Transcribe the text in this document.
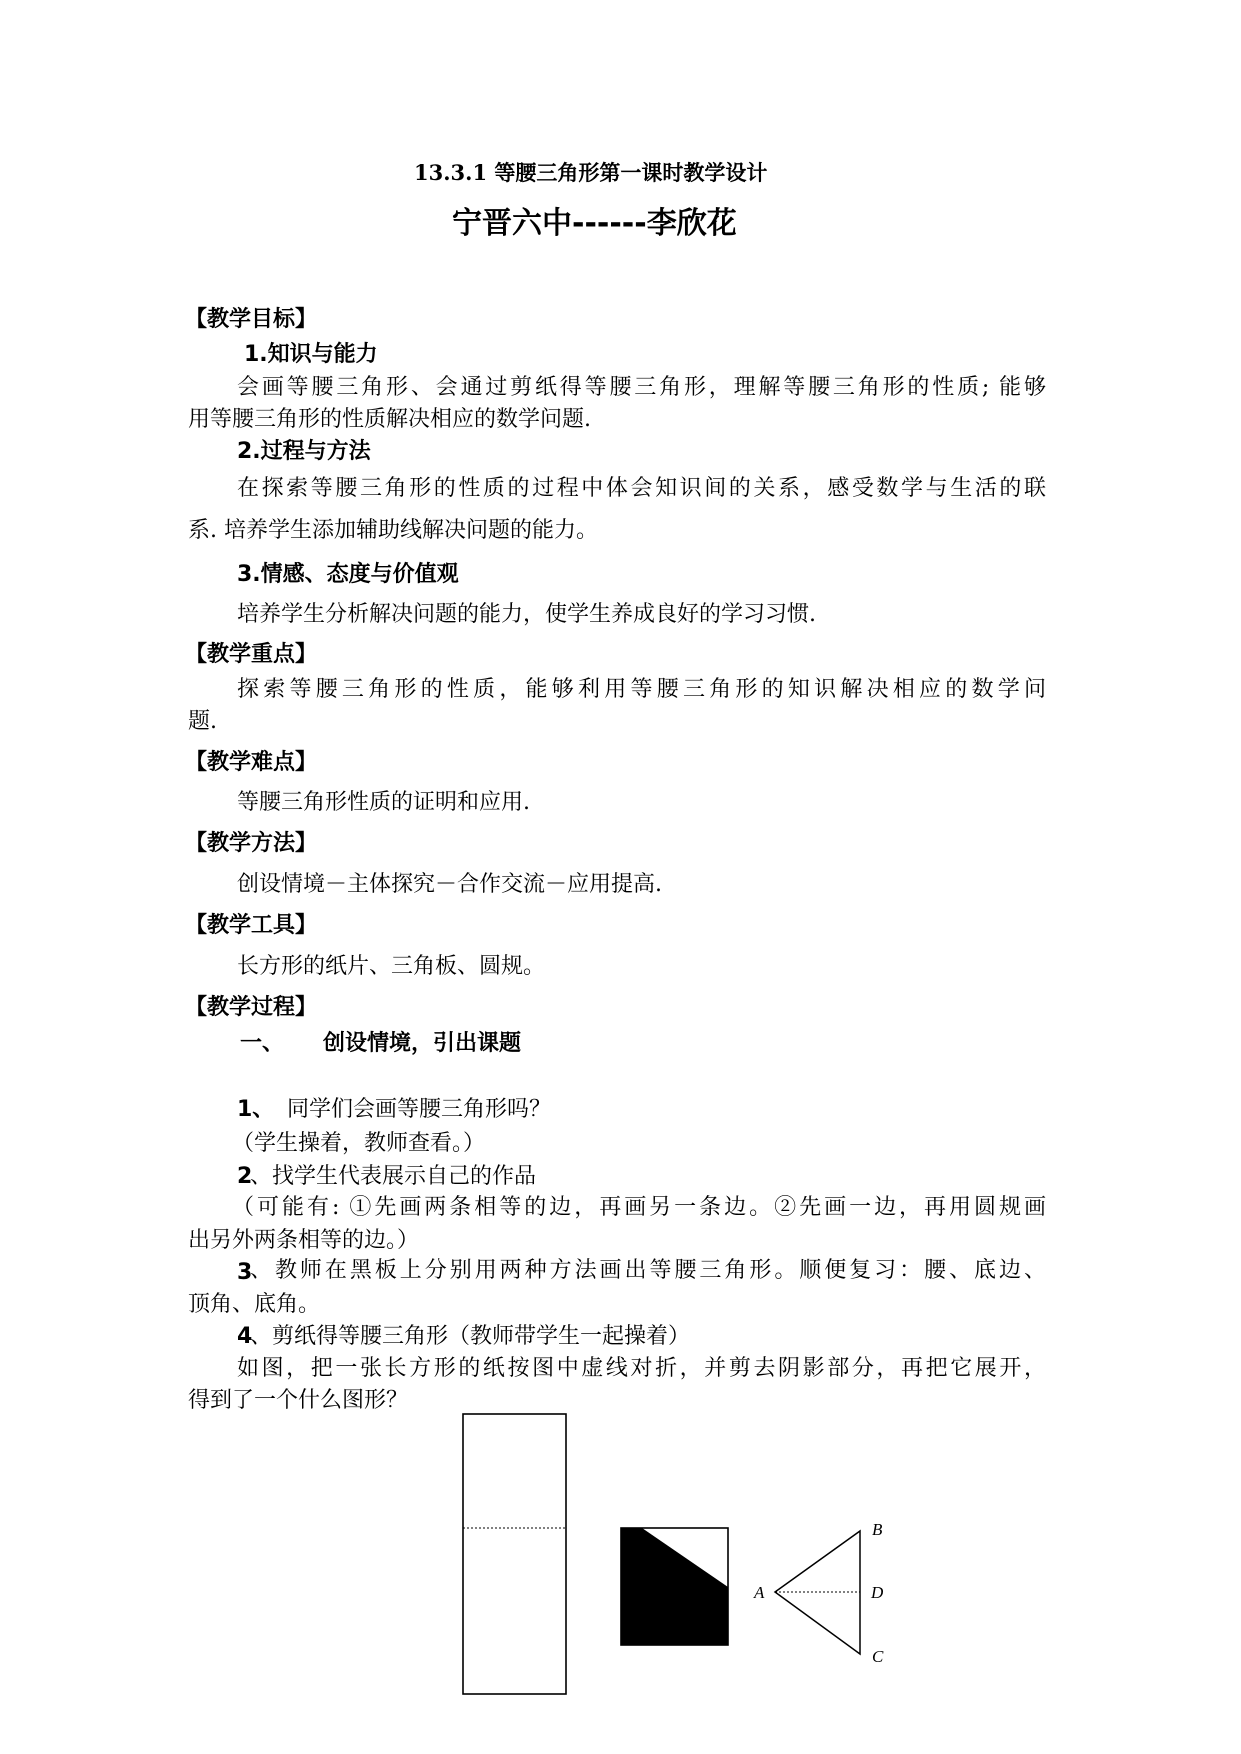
13.3.1 等腰三角形第一课时教学设计
宁晋六中------李欣花
【教学目标】
1.知识与能力
会画等腰三角形、会通过剪纸得等腰三角形，理解等腰三角形的性质; 能够
用等腰三角形的性质解决相应的数学问题.
2.过程与方法
在探索等腰三角形的性质的过程中体会知识间的关系，感受数学与生活的联
系. 培养学生添加辅助线解决问题的能力。
3.情感、态度与价值观
培养学生分析解决问题的能力，使学生养成良好的学习习惯.
【教学重点】
探索等腰三角形的性质，能够利用等腰三角形的知识解决相应的数学问
题.
【教学难点】
等腰三角形性质的证明和应用.
【教学方法】
创设情境－主体探究－合作交流－应用提高.
【教学工具】
长方形的纸片、三角板、圆规。
【教学过程】
一、 创设情境，引出课题
1、 同学们会画等腰三角形吗？
（学生操着，教师查看。）
2
、找学生代表展示自己的作品
（可能有: ①先画两条相等的边，再画另一条边。②先画一边，再用圆规画
出另外两条相等的边。）
3
、教师在黑板上分别用两种方法画出等腰三角形。顺便复习：腰、底边、
顶角、底角。
4
、剪纸得等腰三角形（教师带学生一起操着）
如图，把一张长方形的纸按图中虚线对折，并剪去阴影部分，再把它展开，
得到了一个什么图形？
A
B
D
C
